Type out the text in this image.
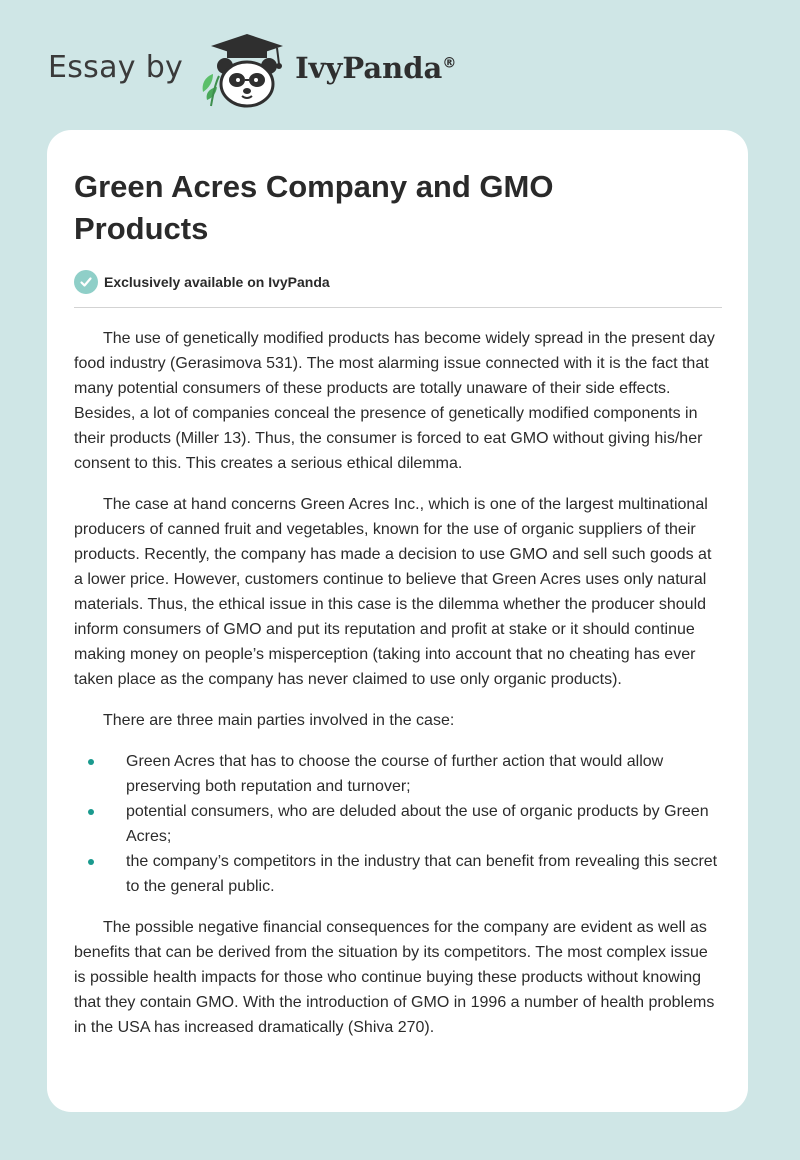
Essay by	IvyPanda®
Green Acres Company and GMO Products
Exclusively available on IvyPanda

The use of genetically modified products has become widely spread in the present day food industry (Gerasimova 531). The most alarming issue connected with it is the fact that many potential consumers of these products are totally unaware of their side effects. Besides, a lot of companies conceal the presence of genetically modified components in their products (Miller 13). Thus, the consumer is forced to eat GMO without giving his/her consent to this. This creates a serious ethical dilemma.

The case at hand concerns Green Acres Inc., which is one of the largest multinational producers of canned fruit and vegetables, known for the use of organic suppliers of their products. Recently, the company has made a decision to use GMO and sell such goods at a lower price. However, customers continue to believe that Green Acres uses only natural materials. Thus, the ethical issue in this case is the dilemma whether the producer should inform consumers of GMO and put its reputation and profit at stake or it should continue making money on people’s misperception (taking into account that no cheating has ever taken place as the company has never claimed to use only organic products).

There are three main parties involved in the case:

Green Acres that has to choose the course of further action that would allow preserving both reputation and turnover;
potential consumers, who are deluded about the use of organic products by Green Acres;
the company’s competitors in the industry that can benefit from revealing this secret to the general public.

The possible negative financial consequences for the company are evident as well as benefits that can be derived from the situation by its competitors. The most complex issue is possible health impacts for those who continue buying these products without knowing that they contain GMO. With the introduction of GMO in 1996 a number of health problems in the USA has increased dramatically (Shiva 270).
